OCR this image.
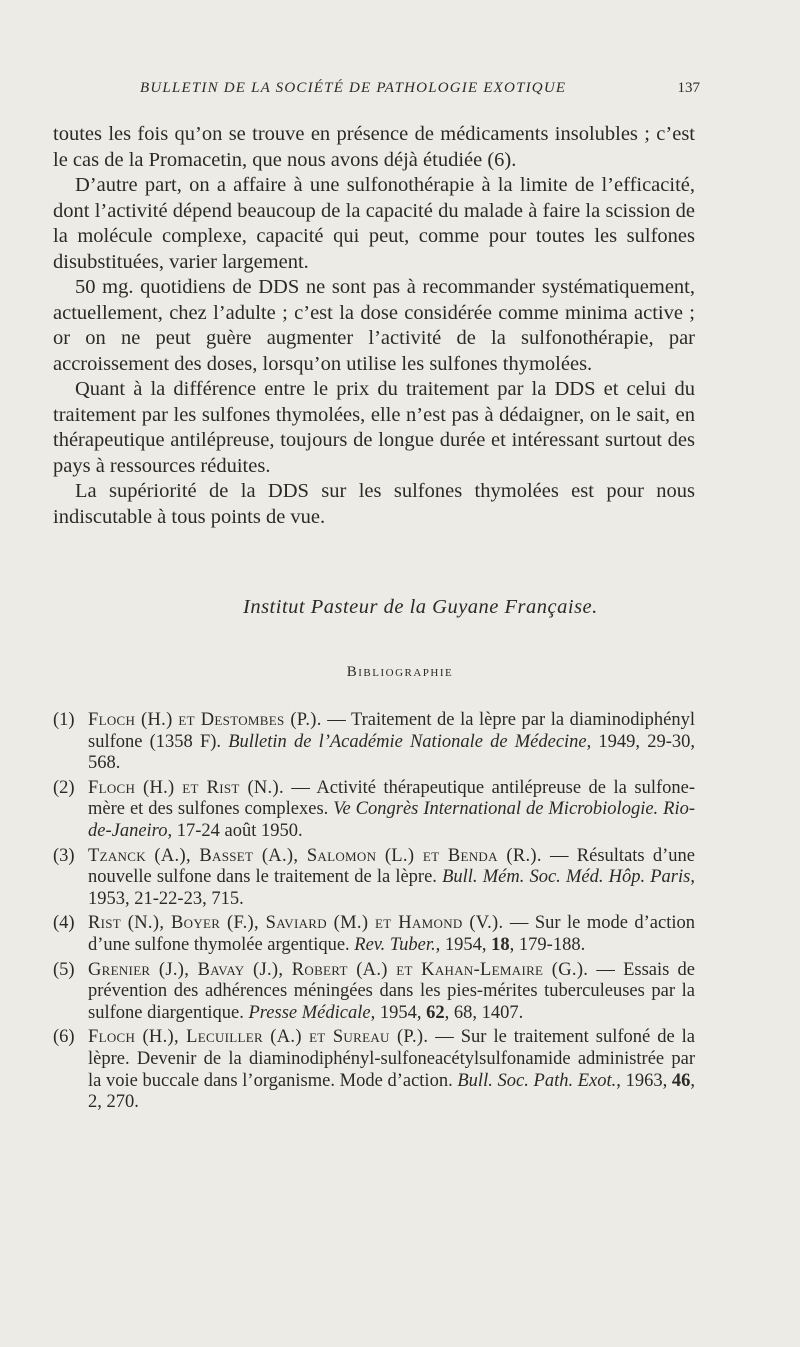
BULLETIN DE LA SOCIÉTÉ DE PATHOLOGIE EXOTIQUE	137

toutes les fois qu’on se trouve en présence de médicaments insolubles ; c’est le cas de la Promacetin, que nous avons déjà étudiée (6).

D’autre part, on a affaire à une sulfonothérapie à la limite de l’efficacité, dont l’activité dépend beaucoup de la capacité du malade à faire la scission de la molécule complexe, capacité qui peut, comme pour toutes les sulfones disubstituées, varier largement.

50 mg. quotidiens de DDS ne sont pas à recommander systématiquement, actuellement, chez l’adulte ; c’est la dose considérée comme minima active ; or on ne peut guère augmenter l’activité de la sulfonothérapie, par accroissement des doses, lorsqu’on utilise les sulfones thymolées.

Quant à la différence entre le prix du traitement par la DDS et celui du traitement par les sulfones thymolées, elle n’est pas à dédaigner, on le sait, en thérapeutique antilépreuse, toujours de longue durée et intéressant surtout des pays à ressources réduites.

La supériorité de la DDS sur les sulfones thymolées est pour nous indiscutable à tous points de vue.

Institut Pasteur de la Guyane Française.
Bibliographie
(1) Floch (H.) et Destombes (P.). — Traitement de la lèpre par la diaminodiphényl sulfone (1358 F). Bulletin de l’Académie Nationale de Médecine, 1949, 29-30, 568.
(2) Floch (H.) et Rist (N.). — Activité thérapeutique antilépreuse de la sulfone-mère et des sulfones complexes. Ve Congrès International de Microbiologie. Rio-de-Janeiro, 17-24 août 1950.
(3) Tzanck (A.), Basset (A.), Salomon (L.) et Benda (R.). — Résultats d’une nouvelle sulfone dans le traitement de la lèpre. Bull. Mém. Soc. Méd. Hôp. Paris, 1953, 21-22-23, 715.
(4) Rist (N.), Boyer (F.), Saviard (M.) et Hamond (V.). — Sur le mode d’action d’une sulfone thymolée argentique. Rev. Tuber., 1954, 18, 179-188.
(5) Grenier (J.), Bavay (J.), Robert (A.) et Kahan-Lemaire (G.). — Essais de prévention des adhérences méningées dans les pies-mérites tuberculeuses par la sulfone diargentique. Presse Médicale, 1954, 62, 68, 1407.
(6) Floch (H.), Lecuiller (A.) et Sureau (P.). — Sur le traitement sulfoné de la lèpre. Devenir de la diaminodiphényl-sulfoneacétylsulfonamide administrée par la voie buccale dans l’organisme. Mode d’action. Bull. Soc. Path. Exot., 1963, 46, 2, 270.
